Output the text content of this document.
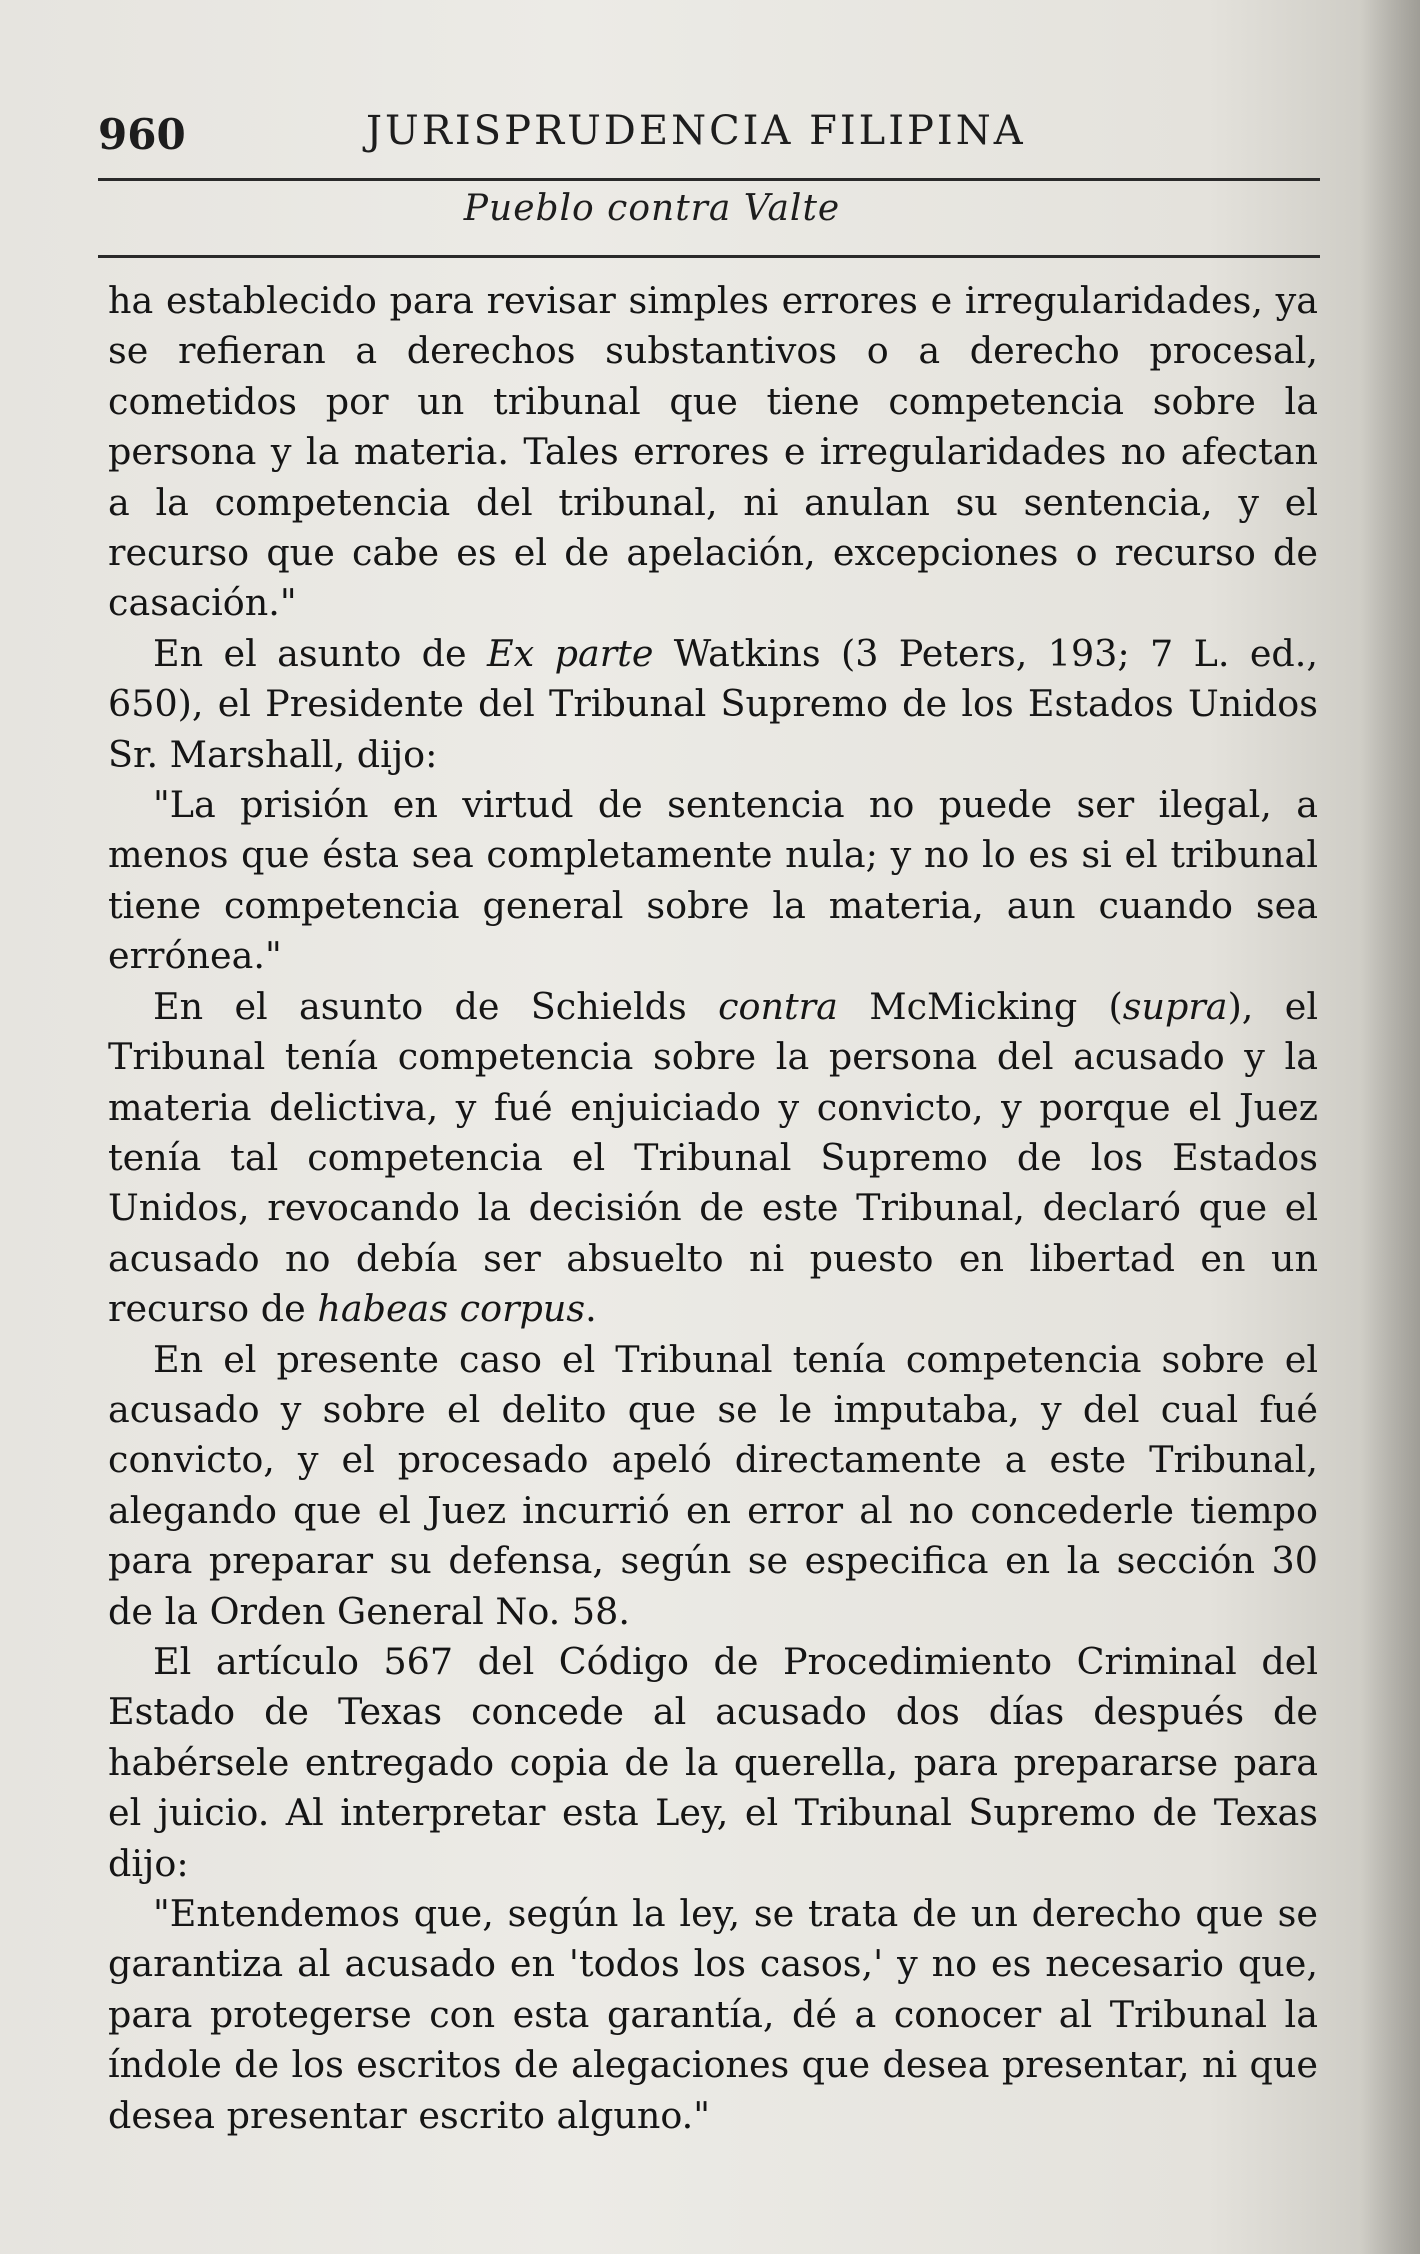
960	JURISPRUDENCIA FILIPINA
Pueblo contra Valte

ha establecido para revisar simples errores e irregularidades, ya se refieran a derechos substantivos o a derecho procesal, cometidos por un tribunal que tiene competencia sobre la persona y la materia. Tales errores e irregularidades no afectan a la competencia del tribunal, ni anulan su sentencia, y el recurso que cabe es el de apelación, excepciones o recurso de casación."

En el asunto de Ex parte Watkins (3 Peters, 193; 7 L. ed., 650), el Presidente del Tribunal Supremo de los Estados Unidos Sr. Marshall, dijo:

"La prisión en virtud de sentencia no puede ser ilegal, a menos que ésta sea completamente nula; y no lo es si el tribunal tiene competencia general sobre la materia, aun cuando sea errónea."

En el asunto de Schields contra McMicking (supra), el Tribunal tenía competencia sobre la persona del acusado y la materia delictiva, y fué enjuiciado y convicto, y porque el Juez tenía tal competencia el Tribunal Supremo de los Estados Unidos, revocando la decisión de este Tribunal, declaró que el acusado no debía ser absuelto ni puesto en libertad en un recurso de habeas corpus.

En el presente caso el Tribunal tenía competencia sobre el acusado y sobre el delito que se le imputaba, y del cual fué convicto, y el procesado apeló directamente a este Tribunal, alegando que el Juez incurrió en error al no concederle tiempo para preparar su defensa, según se especifica en la sección 30 de la Orden General No. 58.

El artículo 567 del Código de Procedimiento Criminal del Estado de Texas concede al acusado dos días después de habérsele entregado copia de la querella, para prepararse para el juicio. Al interpretar esta Ley, el Tribunal Supremo de Texas dijo:

"Entendemos que, según la ley, se trata de un derecho que se garantiza al acusado en 'todos los casos,' y no es necesario que, para protegerse con esta garantía, dé a conocer al Tribunal la índole de los escritos de alegaciones que desea presentar, ni que desea presentar escrito alguno."
